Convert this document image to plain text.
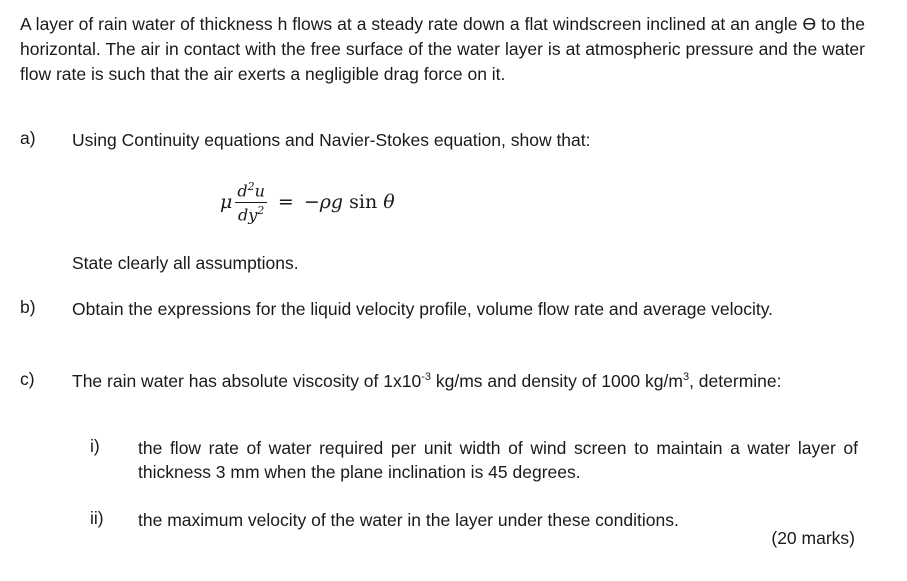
A layer of rain water of thickness h flows at a steady rate down a flat windscreen inclined at an angle ϴ to the horizontal. The air in contact with the free surface of the water layer is at atmospheric pressure and the water flow rate is such that the air exerts a negligible drag force on it.
a) Using Continuity equations and Navier-Stokes equation, show that:
μ $\frac{d^2u}{dy^2} = -\rho g$ sin θ
State clearly all assumptions.
b) Obtain the expressions for the liquid velocity profile, volume flow rate and average velocity.
c) The rain water has absolute viscosity of $1x10^{-3}$ kg/ms and density of 1000 $kg/m^3$, determine:
i) the flow rate of water required per unit width of wind screen to maintain a water layer of thickness 3 mm when the plane inclination is 45 degrees.
ii) the maximum velocity of the water in the layer under these conditions.
(20 marks)
